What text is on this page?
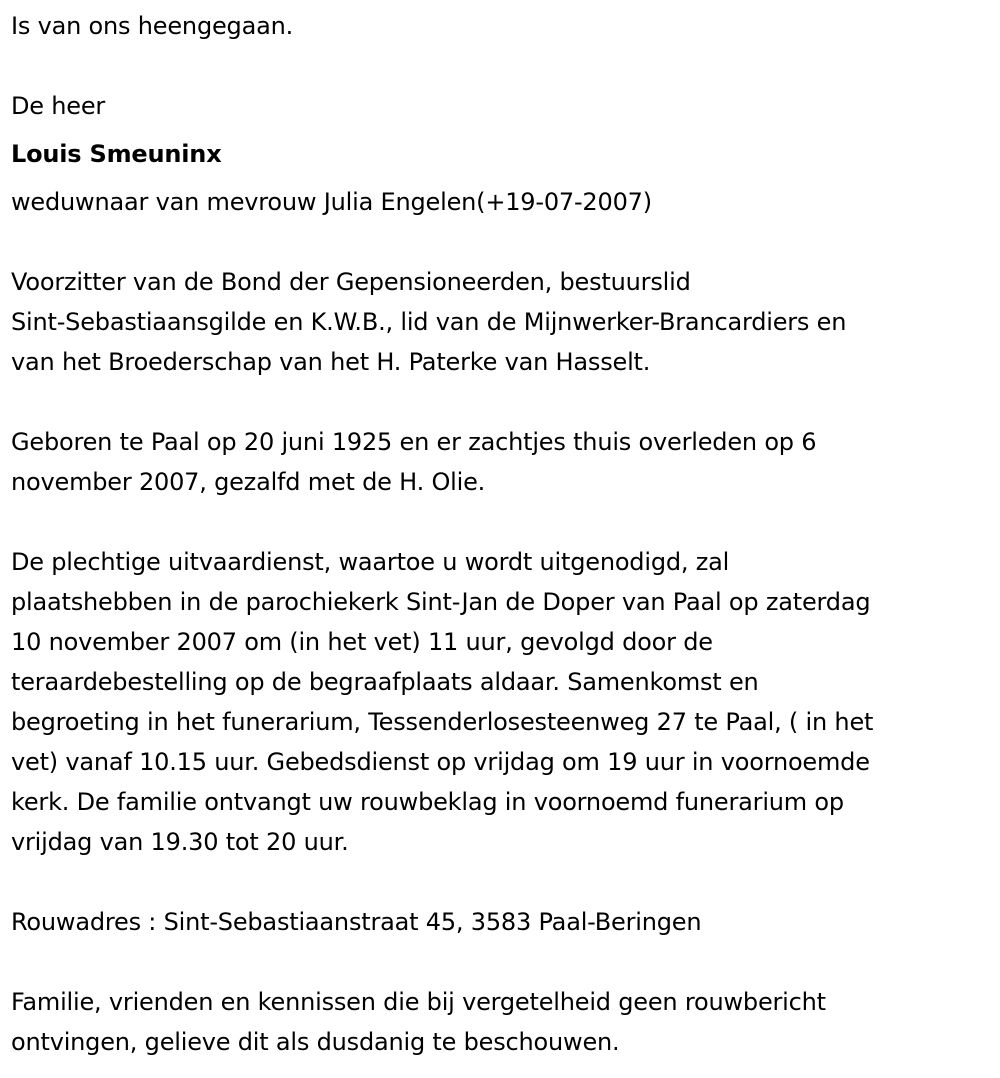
Is van ons heengegaan.

De heer

Louis Smeuninx

weduwnaar van mevrouw Julia Engelen(+19-07-2007)

Voorzitter van de Bond der Gepensioneerden, bestuurslid

Sint-Sebastiaansgilde en K.W.B., lid van de Mijnwerker-Brancardiers en

van het Broederschap van het H. Paterke van Hasselt.

Geboren te Paal op 20 juni 1925 en er zachtjes thuis overleden op 6

november 2007, gezalfd met de H. Olie.

De plechtige uitvaardienst, waartoe u wordt uitgenodigd, zal

plaatshebben in de parochiekerk Sint-Jan de Doper van Paal op zaterdag

10 november 2007 om (in het vet) 11 uur, gevolgd door de

teraardebestelling op de begraafplaats aldaar. Samenkomst en

begroeting in het funerarium, Tessenderlosesteenweg 27 te Paal, ( in het

vet) vanaf 10.15 uur. Gebedsdienst op vrijdag om 19 uur in voornoemde

kerk. De familie ontvangt uw rouwbeklag in voornoemd funerarium op

vrijdag van 19.30 tot 20 uur.

Rouwadres : Sint-Sebastiaanstraat 45, 3583 Paal-Beringen

Familie, vrienden en kennissen die bij vergetelheid geen rouwbericht

ontvingen, gelieve dit als dusdanig te beschouwen.
